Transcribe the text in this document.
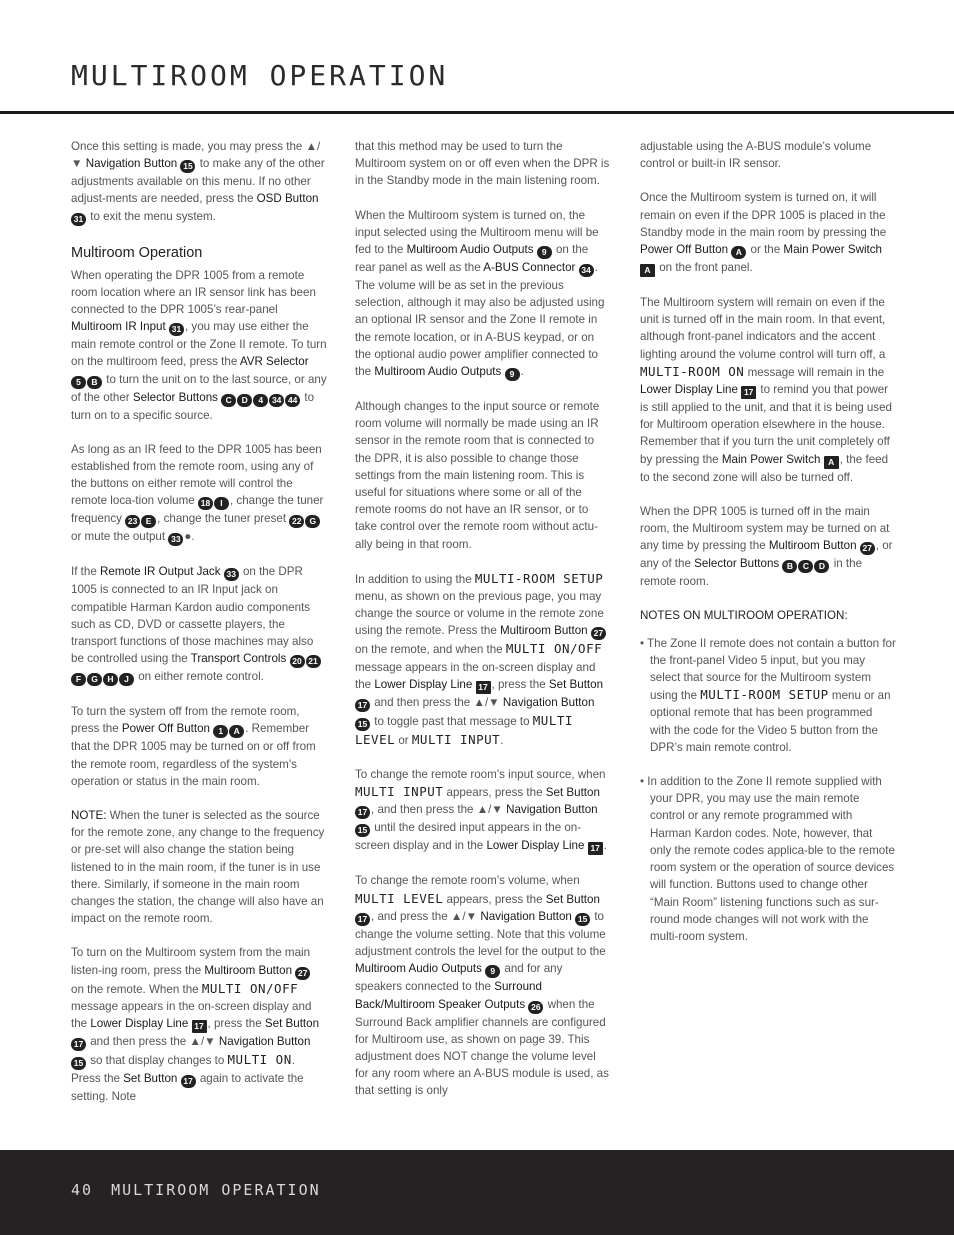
MULTIROOM OPERATION

Once this setting is made, you may press the ▲/▼ Navigation Button 15 to make any of the other adjustments available on this menu. If no other adjust-ments are needed, press the OSD Button 31 to exit the menu system.

Multiroom Operation

When operating the DPR 1005 from a remote room location where an IR sensor link has been connected to the DPR 1005’s rear-panel Multiroom IR Input 31 , you may use either the main remote control or the Zone II remote. To turn on the multiroom feed, press the AVR Selector 5 B to turn the unit on to the last source, or any of the other Selector Buttons C D 4 34 44 to turn on to a specific source.

As long as an IR feed to the DPR 1005 has been established from the remote room, using any of the buttons on either remote will control the remote loca-tion volume 18 I , change the tuner frequency 23 E , change the tuner preset 22 G or mute the output 33 ●.

If the Remote IR Output Jack 33 on the DPR 1005 is connected to an IR Input jack on compatible Harman Kardon audio components such as CD, DVD or cassette players, the transport functions of those machines may also be controlled using the Transport Controls 20 21F G H J on either remote control.

To turn the system off from the remote room, press the Power Off Button 1 A . Remember that the DPR 1005 may be turned on or off from the remote room, regardless of the system’s operation or status in the main room.

NOTE: When the tuner is selected as the source for the remote zone, any change to the frequency or pre-set will also change the station being listened to in the main room, if the tuner is in use there. Similarly, if someone in the main room changes the station, the change will also have an impact on the remote room.

To turn on the Multiroom system from the main listen-ing room, press the Multiroom Button 27 on the remote. When the MULTI ON/OFF message appears in the on-screen display and the Lower Display Line 17 , press the Set Button 17 and then press the ▲/▼ Navigation Button 15 so that display changes to MULTI ON. Press the Set Button 17 again to activate the setting. Note

that this method may be used to turn the Multiroom system on or off even when the DPR is in the Standby mode in the main listening room.

When the Multiroom system is turned on, the input selected using the Multiroom menu will be fed to the Multiroom Audio Outputs 9 on the rear panel as well as the A-BUS Connector 34 . The volume will be as set in the previous selection, although it may also be adjusted using an optional IR sensor and the Zone II remote in the remote location, or in A-BUS keypad, or on the optional audio power amplifier connected to the Multiroom Audio Outputs 9 .

Although changes to the input source or remote room volume will normally be made using an IR sensor in the remote room that is connected to the DPR, it is also possible to change those settings from the main listening room. This is useful for situations where some or all of the remote rooms do not have an IR sensor, or to take control over the remote room without actu-ally being in that room.

In addition to using the MULTI-ROOM SETUP menu, as shown on the previous page, you may change the source or volume in the remote zone using the remote. Press the Multiroom Button 27 on the remote, and when the MULTI ON/OFF message appears in the on-screen display and the Lower Display Line 17 , press the Set Button 17 and then press the ▲/▼ Navigation Button 15 to toggle past that message to MULTI LEVEL or MULTI INPUT.

To change the remote room’s input source, when MULTI INPUT appears, press the Set Button 17 , and then press the ▲/▼ Navigation Button 15 until the desired input appears in the on-screen display and in the Lower Display Line 17 .

To change the remote room’s volume, when MULTI LEVEL appears, press the Set Button 17 , and press the ▲/▼ Navigation Button 15 to change the volume setting. Note that this volume adjustment controls the level for the output to the Multiroom Audio Outputs 9 and for any speakers connected to the Surround Back/Multiroom Speaker Outputs 26 when the Surround Back amplifier channels are configured for Multiroom use, as shown on page 39. This adjustment does NOT change the volume level for any room where an A-BUS module is used, as that setting is only

adjustable using the A-BUS module’s volume control or built-in IR sensor.

Once the Multiroom system is turned on, it will remain on even if the DPR 1005 is placed in the Standby mode in the main room by pressing the Power Off Button A or the Main Power Switch A on the front panel.

The Multiroom system will remain on even if the unit is turned off in the main room. In that event, although front-panel indicators and the accent lighting around the volume control will turn off, a MULTI-ROOM ON message will remain in the Lower Display Line 17 to remind you that power is still applied to the unit, and that it is being used for Multiroom operation elsewhere in the house. Remember that if you turn the unit completely off by pressing the Main Power Switch A , the feed to the second zone will also be turned off.

When the DPR 1005 is turned off in the main room, the Multiroom system may be turned on at any time by pressing the Multiroom Button 27 , or any of the Selector Buttons B C D in the remote room.

NOTES ON MULTIROOM OPERATION:

• The Zone II remote does not contain a button for the front-panel Video 5 input, but you may select that source for the Multiroom system using the MULTI-ROOM SETUP menu or an optional remote that has been programmed with the code for the Video 5 button from the DPR’s main remote control.

• In addition to the Zone II remote supplied with your DPR, you may use the main remote control or any remote programmed with Harman Kardon codes. Note, however, that only the remote codes applica-ble to the remote room system or the operation of source devices will function. Buttons used to change other “Main Room” listening functions such as sur-round mode changes will not work with the multi-room system.

40 MULTIROOM OPERATION
